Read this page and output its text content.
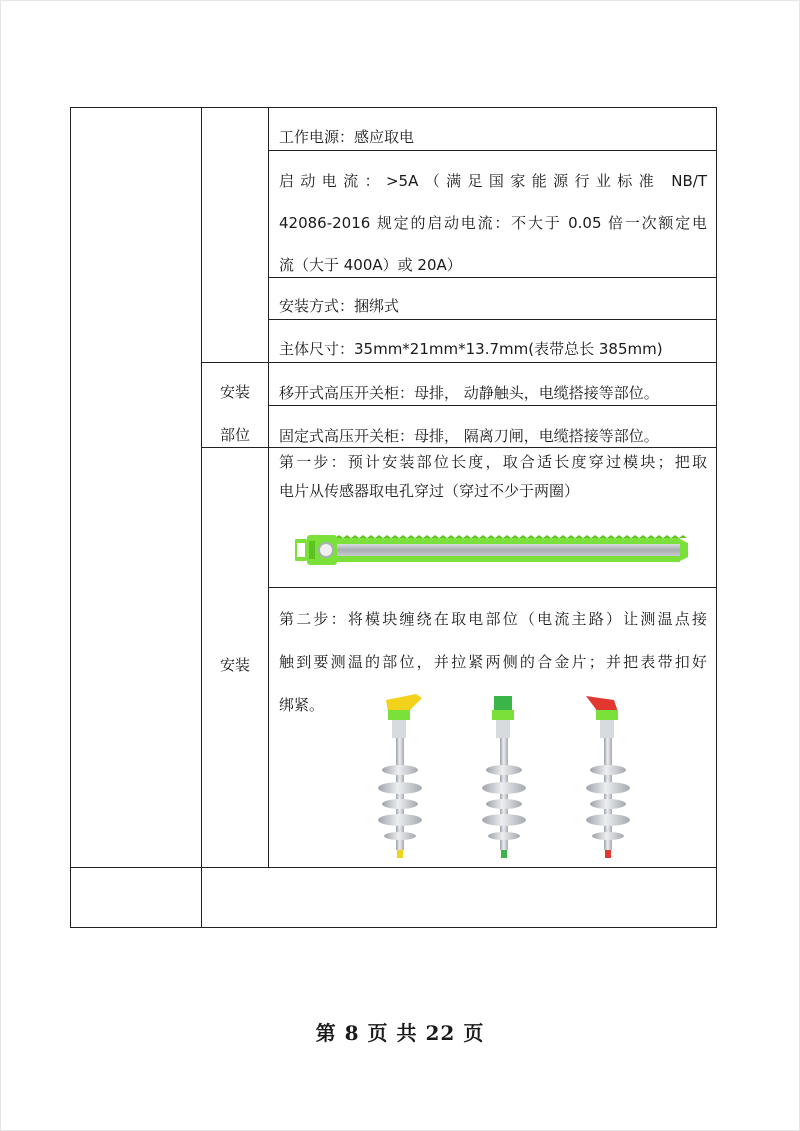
工作电源：感应取电
启动电流：>5A（满足国家能源行业标准 NB/T
42086-2016 规定的启动电流：不大于 0.05 倍一次额定电
流（大于 400A）或 20A）
安装方式：捆绑式
主体尺寸：35mm*21mm*13.7mm(表带总长 385mm)
安装
部位
移开式高压开关柜：母排， 动静触头，电缆搭接等部位。
固定式高压开关柜：母排， 隔离刀闸，电缆搭接等部位。
安装
第一步：预计安装部位长度，取合适长度穿过模块；把取
电片从传感器取电孔穿过（穿过不少于两圈）
第二步：将模块缠绕在取电部位（电流主路）让测温点接
触到要测温的部位，并拉紧两侧的合金片；并把表带扣好
绑紧。
第 8 页 共 22 页
